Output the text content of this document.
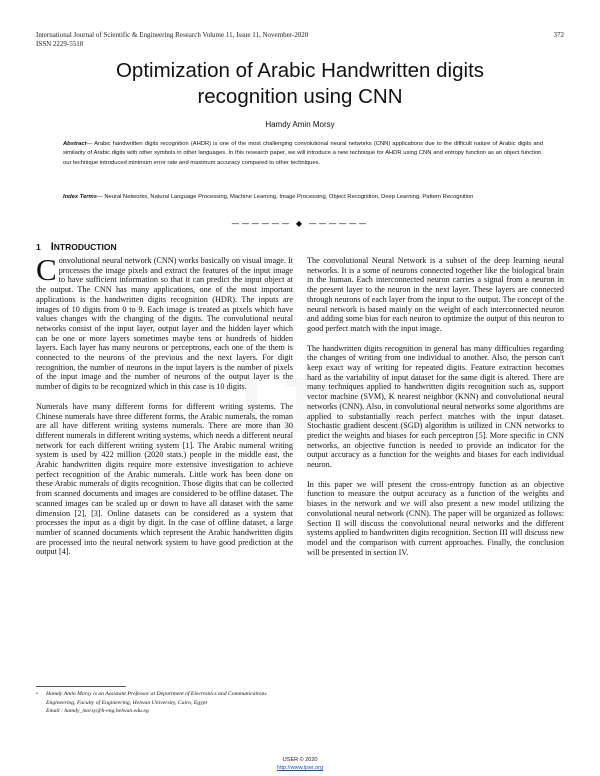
International Journal of Scientific & Engineering Research Volume 11, Issue 11, November-2020
ISSN 2229-5518
372
Optimization of Arabic Handwritten digits
recognition using CNN
Hamdy Amin Morsy
Abstract— Arabic handwritten digits recognition (AHDR) is one of the most challenging convolutional neural networks (CNN) applications due to the difficult nature of Arabic digits and similarity of Arabic digits with other symbols in other languages. In this research paper, we will introduce a new technique for AHDR using CNN and entropy function as an object function. our technique introduced minimum error rate and maximum accuracy compared to other techniques.
Index Terms— Neural Networks, Natural Language Processing, Machine Learning, Image Processing, Object Recognition, Deep Learning, Pattern Recognition
—————— ◆ ——————
1 INTRODUCTION

Convolutional neural network (CNN) works basically on visual image. It processes the image pixels and extract the features of the input image to have sufficient information so that it can predict the input object at the output. The CNN has many applications, one of the most important applications is the handwritten digits recognition (HDR). The inputs are images of 10 digits from 0 to 9. Each image is treated as pixels which have values changes with the changing of the digits. The convolutional neural networks consist of the input layer, output layer and the hidden layer which can be one or more layers sometimes maybe tens or hundreds of hidden layers. Each layer has many neurons or perceptrons, each one of the them is connected to the neurons of the previous and the next layers. For digit recognition, the number of neurons in the input layers is the number of pixels of the input image and the number of neurons of the output layer is the number of digits to be recognized which in this case is 10 digits.

Numerals have many different forms for different writing systems. The Chinese numerals have three different forms, the Arabic numerals, the roman are all have different writing systems numerals. There are more than 30 different numerals in different writing systems, which needs a different neural network for each different writing system [1]. The Arabic numeral writing system is used by 422 million (2020 stats.) people in the middle east, the Arabic handwritten digits require more extensive investigation to achieve perfect recognition of the Arabic numerals. Little work has been done on these Arabic numerals of digits recognition. Those digits that can be collected from scanned documents and images are considered to be offline dataset. The scanned images can be scaled up or down to have all dataset with the same dimension [2], [3]. Online datasets can be considered as a system that processes the input as a digit by digit. In the case of offline dataset, a large number of scanned documents which represent the Arabic handwritten digits are processed into the neural network system to have good prediction at the output [4].

The convolutional Neural Network is a subset of the deep learning neural networks. It is a some of neurons connected together like the biological brain in the human. Each interconnected neuron carries a signal from a neuron in the present layer to the neuron in the next layer. These layers are connected through neurons of each layer from the input to the output. The concept of the neural network is based mainly on the weight of each interconnected neuron and adding some bias for each neuron to optimize the output of this neuron to good perfect match with the input image.

The handwritten digits recognition in general has many difficulties regarding the changes of writing from one individual to another. Also, the person can't keep exact way of writing for repeated digits. Feature extraction becomes hard as the variability of input dataset for the same digit is altered. There are many techniques applied to handwritten digits recognition such as, support vector machine (SVM), K nearest neighbor (KNN) and convolutional neural networks (CNN). Also, in convolutional neural networks some algorithms are applied to substantially reach perfect matches with the input dataset. Stochastic gradient descent (SGD) algorithm is utilized in CNN networks to predict the weights and biases for each perceptron [5]. More specific in CNN networks, an objective function is needed to provide an indicator for the output accuracy as a function for the weights and biases for each individual neuron.

In this paper we will present the cross-entropy function as an objective function to measure the output accuracy as a function of the weights and biases in the network and we will also present a new model utilizing the convolutional neural network (CNN). The paper will be organized as follows: Section II will discuss the convolutional neural networks and the different systems applied to handwritten digits recognition. Section III will discuss new model and the comparison with current approaches. Finally, the conclusion will be presented in section IV.

• Hamdy Amin Morsy is an Assistant Professor at Department of Electronics and Communications Engineering, Faculty of Engineering, Helwan University, Cairo, Egypt
Email : hamdy_morsy@h-eng.helwan.edu.eg
IJSER © 2020
http://www.ijser.org
